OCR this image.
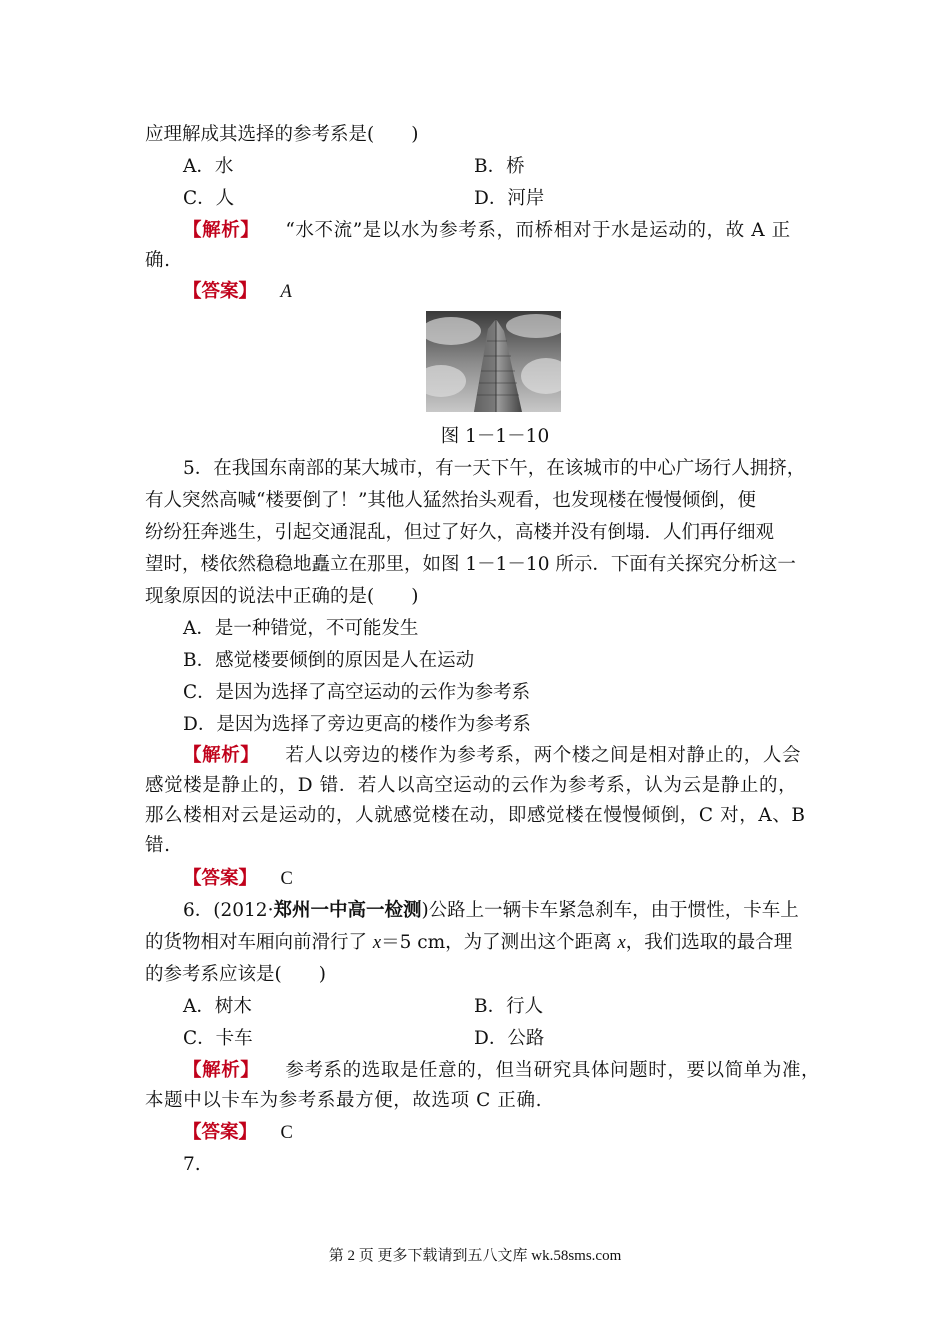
应理解成其选择的参考系是(　　)
A．水	B．桥
C．人	D．河岸
【解析】 “水不流”是以水为参考系，而桥相对于水是运动的，故 A 正
确.
【答案】 A
图 1－1－10
5．在我国东南部的某大城市，有一天下午，在该城市的中心广场行人拥挤，
有人突然高喊“楼要倒了！”其他人猛然抬头观看，也发现楼在慢慢倾倒，便
纷纷狂奔逃生，引起交通混乱，但过了好久，高楼并没有倒塌．人们再仔细观
望时，楼依然稳稳地矗立在那里，如图 1－1－10 所示．下面有关探究分析这一
现象原因的说法中正确的是(　　)
A．是一种错觉，不可能发生
B．感觉楼要倾倒的原因是人在运动
C．是因为选择了高空运动的云作为参考系
D．是因为选择了旁边更高的楼作为参考系
【解析】 若人以旁边的楼作为参考系，两个楼之间是相对静止的，人会
感觉楼是静止的，D 错．若人以高空运动的云作为参考系，认为云是静止的，
那么楼相对云是运动的，人就感觉楼在动，即感觉楼在慢慢倾倒，C 对，A、B
错.
【答案】 C
6．(2012·郑州一中高一检测)公路上一辆卡车紧急刹车，由于惯性，卡车上
的货物相对车厢向前滑行了 x＝5 cm，为了测出这个距离 x，我们选取的最合理
的参考系应该是(　　)
A．树木	B．行人
C．卡车	D．公路
【解析】 参考系的选取是任意的，但当研究具体问题时，要以简单为准，
本题中以卡车为参考系最方便，故选项 C 正确.
【答案】 C
7.
第 2 页 更多下载请到五八文库 wk.58sms.com
